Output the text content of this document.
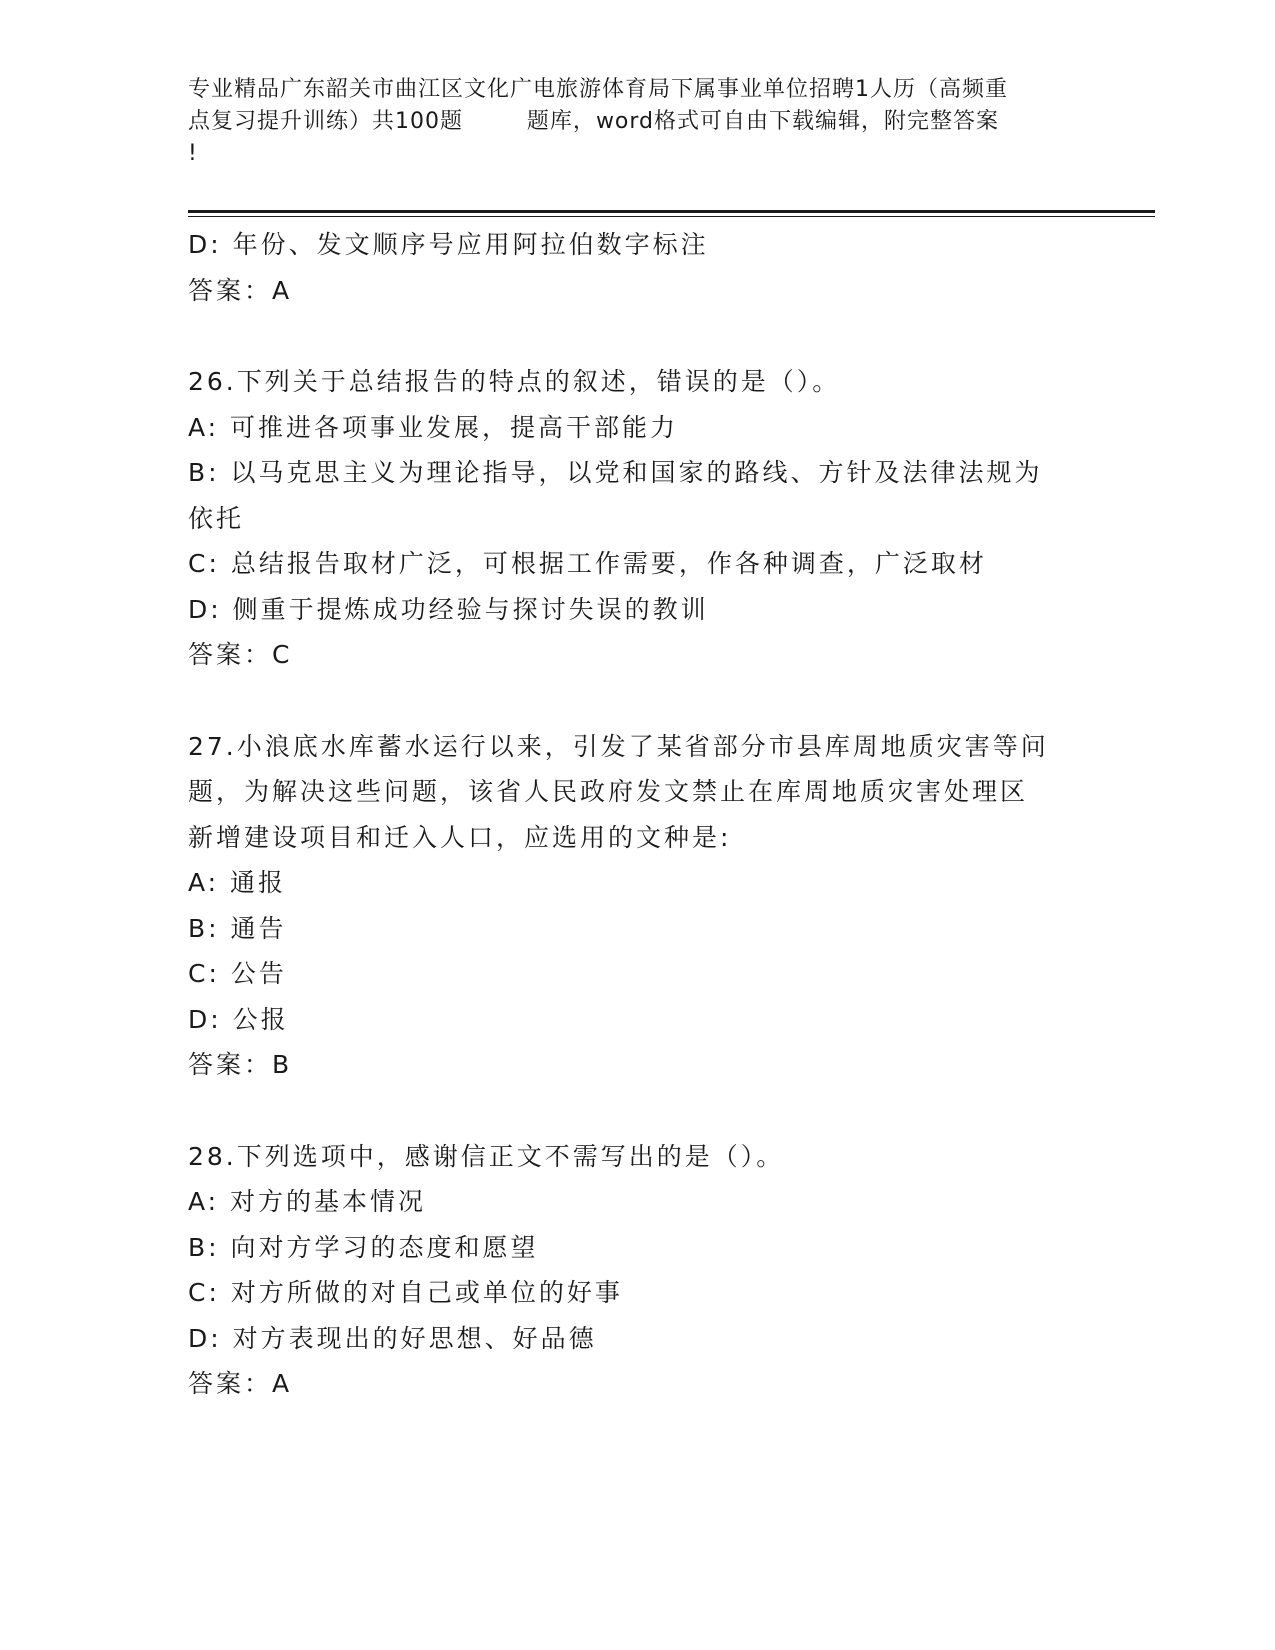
专业精品广东韶关市曲江区文化广电旅游体育局下属事业单位招聘1人历（高频重
点复习提升训练）共100题        题库，word格式可自由下载编辑，附完整答案
!
D: 年份、发文顺序号应用阿拉伯数字标注
答案：A
26.下列关于总结报告的特点的叙述，错误的是（）。
A: 可推进各项事业发展，提高干部能力
B: 以马克思主义为理论指导，以党和国家的路线、方针及法律法规为
依托
C: 总结报告取材广泛，可根据工作需要，作各种调查，广泛取材
D: 侧重于提炼成功经验与探讨失误的教训
答案：C
27.小浪底水库蓄水运行以来，引发了某省部分市县库周地质灾害等问
题，为解决这些问题，该省人民政府发文禁止在库周地质灾害处理区
新增建设项目和迁入人口，应选用的文种是:
A: 通报
B: 通告
C: 公告
D: 公报
答案：B
28.下列选项中，感谢信正文不需写出的是（）。
A: 对方的基本情况
B: 向对方学习的态度和愿望
C: 对方所做的对自己或单位的好事
D: 对方表现出的好思想、好品德
答案：A
